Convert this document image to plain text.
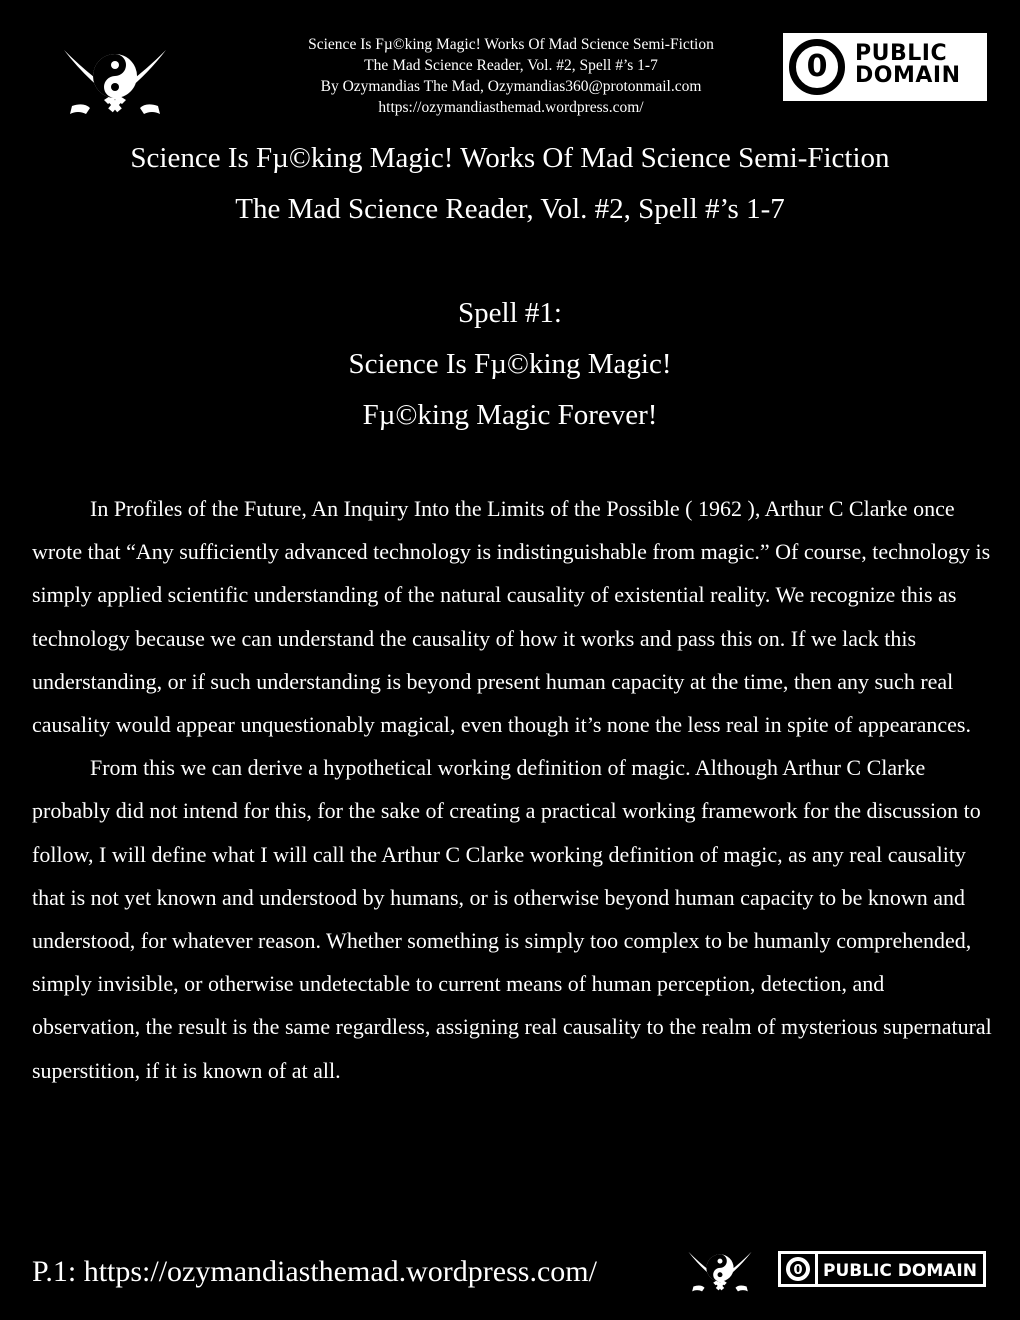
Science Is Fµ©king Magic! Works Of Mad Science Semi-Fiction
The Mad Science Reader, Vol. #2, Spell #’s 1-7
By Ozymandias The Mad, Ozymandias360@protonmail.com
https://ozymandiasthemad.wordpress.com/
0	PUBLIC
DOMAIN
Science Is Fµ©king Magic! Works Of Mad Science Semi-Fiction
The Mad Science Reader, Vol. #2, Spell #’s 1-7
Spell #1:
Science Is Fµ©king Magic!
Fµ©king Magic Forever!

In Profiles of the Future, An Inquiry Into the Limits of the Possible ( 1962 ), Arthur C Clarke once wrote that “Any sufficiently advanced technology is indistinguishable from magic.” Of course, technology is simply applied scientific understanding of the natural causality of existential reality. We recognize this as technology because we can understand the causality of how it works and pass this on. If we lack this understanding, or if such understanding is beyond present human capacity at the time, then any such real causality would appear unquestionably magical, even though it’s none the less real in spite of appearances.

From this we can derive a hypothetical working definition of magic. Although Arthur C Clarke probably did not intend for this, for the sake of creating a practical working framework for the discussion to follow, I will define what I will call the Arthur C Clarke working definition of magic, as any real causality that is not yet known and understood by humans, or is otherwise beyond human capacity to be known and understood, for whatever reason. Whether something is simply too complex to be humanly comprehended, simply invisible, or otherwise undetectable to current means of human perception, detection, and observation, the result is the same regardless, assigning real causality to the realm of mysterious supernatural superstition, if it is known of at all.

P.1: https://ozymandiasthemad.wordpress.com/	0 PUBLIC DOMAIN
